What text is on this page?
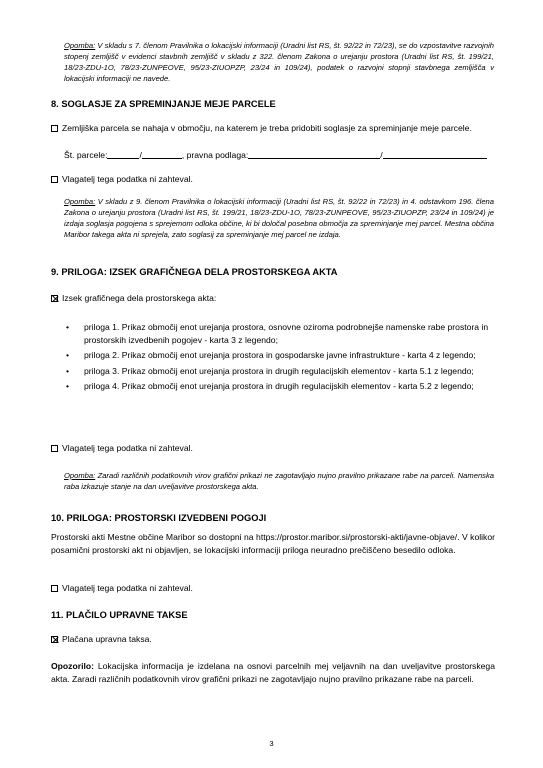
Opomba: V skladu s 7. členom Pravilnika o lokacijski informaciji (Uradni list RS, št. 92/22 in 72/23), se do vzpostavitve razvojnih stopenj zemljišč v evidenci stavbnih zemljišč v skladu z 322. členom Zakona o urejanju prostora (Uradni list RS, št. 199/21, 18/23-ZDU-1O, 78/23-ZUNPEOVE, 95/23-ZIUOPZP, 23/24 in 109/24), podatek o razvojni stopnji stavbnega zemljišča v lokacijski informaciji ne navede.

8. SOGLASJE ZA SPREMINJANJE MEJE PARCELE

Zemljiška parcela se nahaja v območju, na katerem je treba pridobiti soglasje za spreminjanje meje parcele.

Št. parcele:	/	, pravna podlaga:	/

Vlagatelj tega podatka ni zahteval.

Opomba: V skladu z 9. členom Pravilnika o lokacijski informaciji (Uradni list RS, št. 92/22 in 72/23) in 4. odstavkom 196. člena Zakona o urejanju prostora (Uradni list RS, št. 199/21, 18/23-ZDU-1O, 78/23-ZUNPEOVE, 95/23-ZIUOPZP, 23/24 in 109/24) je izdaja soglasja pogojena s sprejemom odloka občine, ki bi določal posebna območja za spreminjanje mej parcel. Mestna občina Maribor takega akta ni sprejela, zato soglasij za spreminjanje mej parcel ne izdaja.

9. PRILOGA: IZSEK GRAFIČNEGA DELA PROSTORSKEGA AKTA

Izsek grafičnega dela prostorskega akta:

• priloga 1. Prikaz območij enot urejanja prostora, osnovne oziroma podrobnejše namenske rabe prostora in prostorskih izvedbenih pogojev - karta 3 z legendo;
• priloga 2. Prikaz območij enot urejanja prostora in gospodarske javne infrastrukture - karta 4 z legendo;
• priloga 3. Prikaz območij enot urejanja prostora in drugih regulacijskih elementov - karta 5.1 z legendo;
• priloga 4. Prikaz območij enot urejanja prostora in drugih regulacijskih elementov - karta 5.2 z legendo;

Vlagatelj tega podatka ni zahteval.

Opomba: Zaradi različnih podatkovnih virov grafični prikazi ne zagotavljajo nujno pravilno prikazane rabe na parceli. Namenska raba izkazuje stanje na dan uveljavitve prostorskega akta.

10. PRILOGA: PROSTORSKI IZVEDBENI POGOJI

Prostorski akti Mestne občine Maribor so dostopni na https://prostor.maribor.si/prostorski-akti/javne-objave/. V kolikor posamični prostorski akt ni objavljen, se lokacijski informaciji priloga neuradno prečiščeno besedilo odloka.

Vlagatelj tega podatka ni zahteval.

11. PLAČILO UPRAVNE TAKSE

Plačana upravna taksa.

Opozorilo: Lokacijska informacija je izdelana na osnovi parcelnih mej veljavnih na dan uveljavitve prostorskega akta. Zaradi različnih podatkovnih virov grafični prikazi ne zagotavljajo nujno pravilno prikazane rabe na parceli.

3
